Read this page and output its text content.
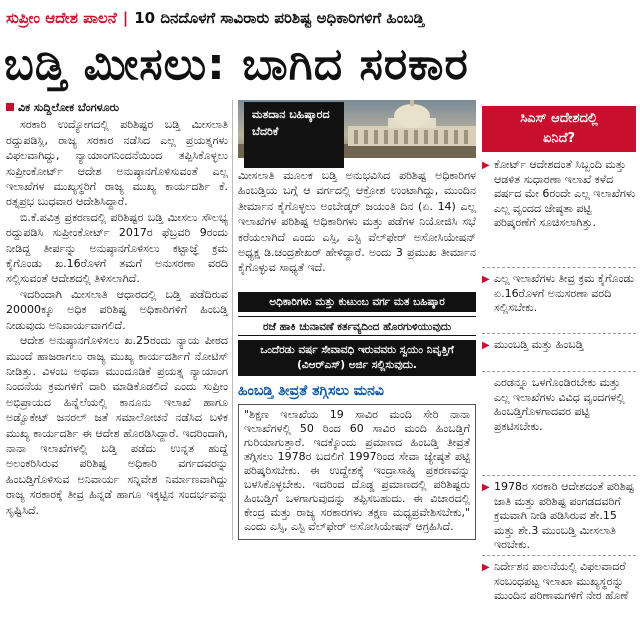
ಸುಪ್ರೀಂ ಆದೇಶ ಪಾಲನೆ | 10 ದಿನದೊಳಗೆ ಸಾವಿರಾರು ಪರಿಶಿಷ್ಟ ಅಧಿಕಾರಿಗಳಿಗೆ ಹಿಂಬಡ್ತಿ
ಬಡ್ತಿ ಮೀಸಲು: ಬಾಗಿದ ಸರಕಾರ
ವಿಕ ಸುದ್ದಿಲೋಕ ಬೆಂಗಳೂರು

ಸರಕಾರಿ ಉದ್ಯೋಗದಲ್ಲಿ ಪರಿಶಿಷ್ಟರ ಬಡ್ತಿ ಮೀಸಲಾತಿ ರದ್ದುಪಡಿಸ್ಲಿ, ರಾಜ್ಯ ಸರಕಾರ ನಡೆಸಿದ ಎಲ್ಲ ಪ್ರಯತ್ನಗಳು ವಿಫಲವಾಗಿದ್ದು, ನ್ಯಾಯಾಂಗನಿಂದನೆಯಿಂದ ತಪ್ಪಿಸಿಕೊಳ್ಳಲು ಸುಪ್ರೀಂಕೋರ್ಟ್ ಆದೇಶ ಅನುಷ್ಠಾನಗೊಳಿಸುವಂತೆ ಎಲ್ಲ ಇಲಾಖೆಗಳ ಮುಖ್ಯಸ್ಥರಿಗೆ ರಾಜ್ಯ ಮುಖ್ಯ ಕಾರ್ಯದರ್ಶಿ ಕೆ. ರತ್ನಪ್ರಭ ಬುಧವಾರ ಆದೇಶಿಸಿದ್ದಾರೆ.

ಬಿ.ಕೆ.ಪವಿತ್ರ ಪ್ರಕರಣದಲ್ಲಿ ಪರಿಶಿಷ್ಟರ ಬಡ್ತಿ ಮೀಸಲು ಸೌಲಭ್ಯ ರದ್ದುಪಡಿಸಿ ಸುಪ್ರೀಂಕೋರ್ಟ್ 2017ರ ಫೆಬ್ರವರಿ 9ರಂದು ನೀಡಿದ್ದ ತೀರ್ಪನ್ನು ಅನುಷ್ಠಾನಗೊಳಿಸಲು ಕಟ್ಟಾಜ್ಞೆ ಕ್ರಮ ಕೈಗೊಂಡು ಖ.16ರೊಳಗೆ ತಮಗೆ ಅನುಸರಣಾ ವರದಿ ಸಲ್ಲಿಸುವಂತೆ ಆದೇಶದಲ್ಲಿ ತಿಳಿಸಲಾಗಿದೆ.

ಇದರಿಂದಾಗಿ ಮೀಸಲಾತಿ ಆಧಾರದಲ್ಲಿ ಬಡ್ತಿ ಪಡೆದಿರುವ 20000ಕ್ಕೂ ಅಧಿಕ ಪರಿಶಿಷ್ಟ ಅಧಿಕಾರಿಗಳಿಗೆ ಹಿಂಬಡ್ತಿ ನೀಡುವುದು ಅನಿವಾರ್ಯವಾಗಲಿದೆ.

ಆದೇಶ ಅನುಷ್ಠಾನಗೊಳಿಸಲು ಖ.25ರಂದು ನ್ಯಾಯ ಪೀಠದ ಮುಂದೆ ಹಾಜರಾಗಲು ರಾಜ್ಯ ಮುಖ್ಯ ಕಾರ್ಯದರ್ಶಿಗೆ ನೋಟಿಸ್ ನೀಡಿತ್ತು. ವಿಳಂಬ ಅಥವಾ ಮುಂದೂಡಿಕೆ ಪ್ರಯತ್ನ ನ್ಯಾಯಾಂಗ ನಿಂದನೆಯ ಕ್ರಮಗಳಿಗೆ ದಾರಿ ಮಾಡಿಕೊಡಲಿದೆ ಎಂದು ಸುಪ್ರೀಂ ಅಭಿಪ್ರಾಯದ ಹಿನ್ನೆಲೆಯಲ್ಲಿ ಕಾನೂನು ಇಲಾಖೆ ಹಾಗೂ ಅಡ್ವೊಕೇಟ್ ಜನರಲ್ ಜತೆ ಸಮಾಲೋಚನೆ ನಡೆಸಿದ ಬಳಿಕ ಮುಖ್ಯ ಕಾರ್ಯದರ್ಶಿ ಈ ಆದೇಶ ಹೊರಡಿಸಿದ್ದಾರೆ. ಇದರಿಂದಾಗಿ, ನಾನಾ ಇಲಾಖೆಗಳಲ್ಲಿ ಬಡ್ತಿ ಪಡೆದು ಉನ್ನತ ಹುದ್ದೆ ಅಲಂಕರಿಸಿರುವ ಪರಿಶಿಷ್ಟ ಅಧಿಕಾರಿ ವರ್ಗದವರನ್ನು ಹಿಂಬಡ್ತಿಗೊಳಿಸುವ ಅನಿವಾರ್ಯ ಸನ್ನಿವೇಶ ನಿರ್ಮಾಣವಾಗಿದ್ದು ರಾಜ್ಯ ಸರಕಾರಕ್ಕೆ ತೀವ್ರ ಹಿನ್ನಡೆ ಹಾಗೂ ಇಕ್ಕಟ್ಟಿನ ಸಂದರ್ಭವನ್ನು ಸೃಷ್ಟಿಸಿದೆ.

ಮತದಾನ ಬಹಿಷ್ಕಾರದ ಬೆದರಿಕೆ

ಮೀಸಲಾತಿ ಮೂಲಕ ಬಡ್ತಿ ಅನುಭವಿಸಿದ ಪರಿಶಿಷ್ಟ ಅಧಿಕಾರಿಗಳ ಹಿಂಬಡ್ತಿಯ ಬಗ್ಗೆ ಆ ವರ್ಗದಲ್ಲಿ ಆಕ್ರೋಶ ಉಂಟಾಗಿದ್ದು, ಮುಂದಿನ ತೀರ್ಮಾನ ಕೈಗೊಳ್ಳಲು ಅಂಬೇಡ್ಕರ್ ಜಯಂತಿ ದಿನ (ಏ. 14) ಎಲ್ಲ ಇಲಾಖೆಗಳ ಪರಿಶಿಷ್ಟ ಅಧಿಕಾರಿಗಳು ಮತ್ತು ಪಡೆಗಳ ನಿಯೋಜಿಸಿ ಸಭೆ ಕರೆಯಲಾಗಿದೆ ಎಂದು ಎಸ್ಸಿ, ಎಸ್ಟಿ ವೆಲ್‌ಫೇರ್ ಅಸೋಸಿಯೇಷನ್ ಅಧ್ಯಕ್ಷ ಡಿ.ಚಂದ್ರಶೇಖರ್ ಹೇಳಿದ್ದಾರೆ. ಅಂದು 3 ಪ್ರಮುಖ ತೀರ್ಮಾನ ಕೈಗೊಳ್ಳುವ ಸಾಧ್ಯತೆ ಇದೆ.

ಅಧಿಕಾರಿಗಳು ಮತ್ತು ಕುಟುಂಬ ವರ್ಗ ಮತ ಬಹಿಷ್ಕಾರ
ರಜೆ ಹಾಕಿ ಚುನಾವಣೆ ಕರ್ತವ್ಯದಿಂದ ಹೊರಗುಳಿಯುವುದು
ಒಂದೆರಡು ವರ್ಷ ಸೇವಾವಧಿ ಇರುವವರು ಸ್ವಯಂ ನಿವೃತ್ತಿಗೆ (ವಿಆರ್‌ಎಸ್) ಅರ್ಜಿ ಸಲ್ಲಿಸುವುದು.
ಹಿಂಬಡ್ತಿ ತೀವ್ರತೆ ತಗ್ಗಿಸಲು ಮನವಿ
"ಶಿಕ್ಷಣ ಇಲಾಖೆಯ 19 ಸಾವಿರ ಮಂದಿ ಸೇರಿ ನಾನಾ ಇಲಾಖೆಗಳಲ್ಲಿ 50 ರಿಂದ 60 ಸಾವಿರ ಮಂದಿ ಹಿಂಬಡ್ತಿಗೆ ಗುರಿಯಾಗುತ್ತಾರೆ. ಇದಕ್ಕೊಂದು ಪ್ರಮಾಣದ ಹಿಂಬಡ್ತಿ ತೀವ್ರತೆ ತಗ್ಗಿಸಲು 1978ರ ಬದಲಿಗೆ 1997ರಿಂದ ಸೇವಾ ಜ್ಯೇಷ್ಠತೆ ಪಟ್ಟಿ ಪರಿಷ್ಕರಿಸಬೇಕು. ಈ ಉದ್ದೇಶಕ್ಕೆ ಇಂದ್ರಾಸಾಹ್ನಿ ಪ್ರಕರಣವನ್ನು ಬಳಸಿಕೊಳ್ಳಬೇಕು. ಇದರಿಂದ ದೊಡ್ಡ ಪ್ರಮಾಣದಲ್ಲಿ ಪರಿಶಿಷ್ಟರು ಹಿಂಬಡ್ತಿಗೆ ಒಳಗಾಗುವುದನ್ನು ತಪ್ಪಿಸಬಹುದು. ಈ ವಿಚಾರದಲ್ಲಿ ಕೇಂದ್ರ ಮತ್ತು ರಾಜ್ಯ ಸರಕಾರಗಳು ತಕ್ಷಣ ಮಧ್ಯಪ್ರವೇಶಿಸಬೇಕು," ಎಂದು ಎಸ್ಸಿ, ಎಸ್ಟಿ ವೆಲ್‌ಫೇರ್ ಅಸೋಸಿಯೇಷನ್ ಆಗ್ರಹಿಸಿದೆ.
ಸಿಎಸ್ ಆದೇಶದಲ್ಲಿ
ಏನಿದೆ?
▶ ಕೋರ್ಟ್ ಆದೇಶದಂತೆ ಸಿಬ್ಬಂದಿ ಮತ್ತು ಆಡಳಿತ ಸುಧಾರಣಾ ಇಲಾಖೆ ಕಳೆದ ವರ್ಷದ ಮೇ 6ರಂದೇ ಎಲ್ಲ ಇಲಾಖೆಗಳು ಎಲ್ಲ ವೃಂದದ ಜೇಷ್ಠತಾ ಪಟ್ಟಿ ಪರಿಷ್ಕರಣೆಗೆ ಸೂಚಿಸಲಾಗಿತ್ತು.
▶ ಎಲ್ಲ ಇಲಾಖೆಗಳು ತೀವ್ರ ಕ್ರಮ ಕೈಗೊಂಡು ಏ.16ರೊಳಗೆ ಅನುಸರಣಾ ವರದಿ ಸಲ್ಲಿಸಬೇಕು.
▶ ಮುಂಬಡ್ತಿ ಮತ್ತು ಹಿಂಬಡ್ತಿ

ಎರಡನ್ನೂ ಒಳಗೊಂಡಿರಬೇಕು ಮತ್ತು ಎಲ್ಲ ಇಲಾಖೆಗಳು ವಿವಿಧ ವೃಂದಗಳಲ್ಲಿ ಹಿಂಬಡ್ತಿಗೊಳಗಾದವರ ಪಟ್ಟಿ ಪ್ರಕಟಿಸಬೇಕು.
▶ 1978ರ ಸರಕಾರಿ ಆದೇಶದಂತೆ ಪರಿಶಿಷ್ಟ ಜಾತಿ ಮತ್ತು ಪರಿಶಿಷ್ಟ ಪಂಗಡದವರಿಗೆ ಕ್ರಮವಾಗಿ ನೀಡಿ ಪಡಿಸಿರುವ ಶೇ.15 ಮತ್ತು ಶೇ.3 ಮುಂಬಡ್ತಿ ಮೀಸಲಾತಿ ಇರಬೇಕು.
▶ ನಿರ್ದೇಶನ ಪಾಲನೆಯಲ್ಲಿ ವಿಫಲವಾದರೆ ಸಂಬಂಧಪಟ್ಟ ಇಲಾಖಾ ಮುಖ್ಯಸ್ಥರನ್ನು ಮುಂದಿನ ಪರಿಣಾಮಗಳಿಗೆ ನೇರ ಹೊಣೆ
